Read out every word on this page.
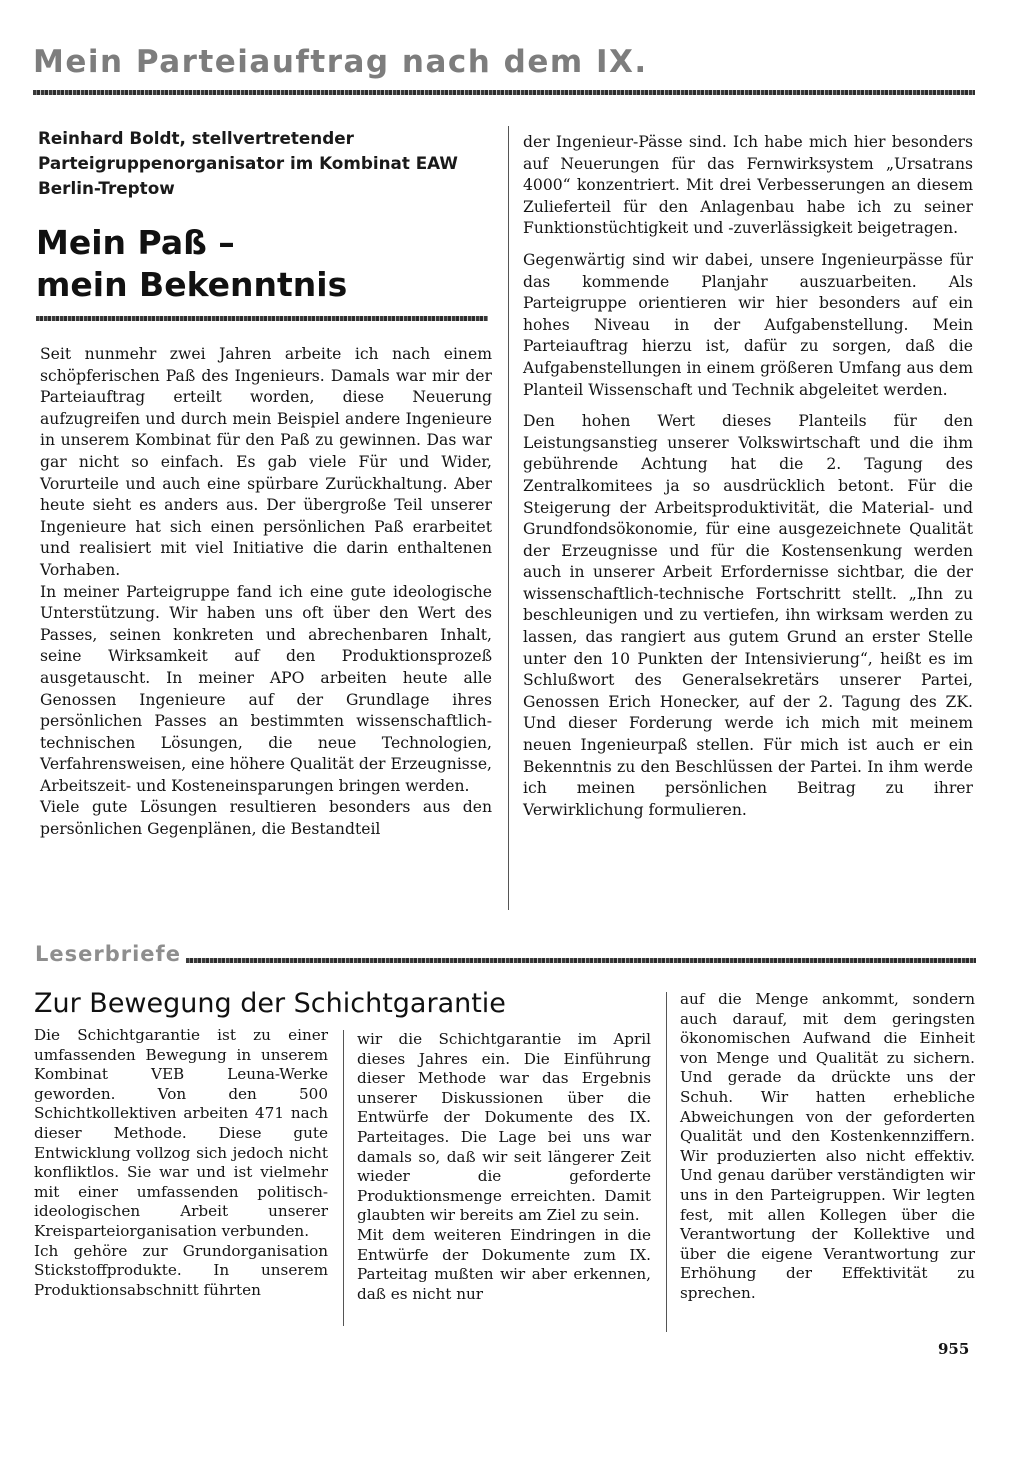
Mein Parteiauftrag nach dem IX.
Reinhard Boldt, stellvertretender Parteigruppenorganisator im Kombinat EAW Berlin-Treptow
Mein Paß –
mein Bekenntnis

Seit nunmehr zwei Jahren arbeite ich nach einem schöpferischen Paß des Ingenieurs. Damals war mir der Parteiauftrag erteilt worden, diese Neuerung aufzugreifen und durch mein Beispiel andere Ingenieure in unserem Kombinat für den Paß zu gewinnen. Das war gar nicht so einfach. Es gab viele Für und Wider, Vorurteile und auch eine spürbare Zurückhaltung. Aber heute sieht es anders aus. Der übergroße Teil unserer Ingenieure hat sich einen persönlichen Paß erarbeitet und realisiert mit viel Initiative die darin enthaltenen Vorhaben.

In meiner Parteigruppe fand ich eine gute ideologische Unterstützung. Wir haben uns oft über den Wert des Passes, seinen konkreten und abrechenbaren Inhalt, seine Wirksamkeit auf den Produktionsprozeß ausgetauscht. In meiner APO arbeiten heute alle Genossen Ingenieure auf der Grundlage ihres persönlichen Passes an bestimmten wissenschaftlich-technischen Lösungen, die neue Technologien, Verfahrensweisen, eine höhere Qualität der Erzeugnisse, Arbeitszeit- und Kosteneinsparungen bringen werden.

Viele gute Lösungen resultieren besonders aus den persönlichen Gegenplänen, die Bestandteil

der Ingenieur-Pässe sind. Ich habe mich hier besonders auf Neuerungen für das Fernwirksystem „Ursatrans 4000“ konzentriert. Mit drei Verbesserungen an diesem Zulieferteil für den Anlagenbau habe ich zu seiner Funktionstüchtigkeit und -zuverlässigkeit beigetragen.

Gegenwärtig sind wir dabei, unsere Ingenieurpässe für das kommende Planjahr auszuarbeiten. Als Parteigruppe orientieren wir hier besonders auf ein hohes Niveau in der Aufgabenstellung. Mein Parteiauftrag hierzu ist, dafür zu sorgen, daß die Aufgabenstellungen in einem größeren Umfang aus dem Planteil Wissenschaft und Technik abgeleitet werden.

Den hohen Wert dieses Planteils für den Leistungsanstieg unserer Volkswirtschaft und die ihm gebührende Achtung hat die 2. Tagung des Zentralkomitees ja so ausdrücklich betont. Für die Steigerung der Arbeitsproduktivität, die Material- und Grundfondsökonomie, für eine ausgezeichnete Qualität der Erzeugnisse und für die Kostensenkung werden auch in unserer Arbeit Erfordernisse sichtbar, die der wissenschaftlich-technische Fortschritt stellt. „Ihn zu beschleunigen und zu vertiefen, ihn wirksam werden zu lassen, das rangiert aus gutem Grund an erster Stelle unter den 10 Punkten der Intensivierung“, heißt es im Schlußwort des Generalsekretärs unserer Partei, Genossen Erich Honecker, auf der 2. Tagung des ZK. Und dieser Forderung werde ich mich mit meinem neuen Ingenieurpaß stellen. Für mich ist auch er ein Bekenntnis zu den Beschlüssen der Partei. In ihm werde ich meinen persönlichen Beitrag zu ihrer Verwirklichung formulieren.

Leserbriefe
Zur Bewegung der Schichtgarantie

Die Schichtgarantie ist zu einer umfassenden Bewegung in unserem Kombinat VEB Leuna-Werke geworden. Von den 500 Schichtkollektiven arbeiten 471 nach dieser Methode. Diese gute Entwicklung vollzog sich jedoch nicht konfliktlos. Sie war und ist vielmehr mit einer umfassenden politisch-ideologischen Arbeit unserer Kreisparteiorganisation verbunden.

Ich gehöre zur Grundorganisation Stickstoffprodukte. In unserem Produktionsabschnitt führten

wir die Schichtgarantie im April dieses Jahres ein. Die Einführung dieser Methode war das Ergebnis unserer Diskussionen über die Entwürfe der Dokumente des IX. Parteitages. Die Lage bei uns war damals so, daß wir seit längerer Zeit wieder die geforderte Produktionsmenge erreichten. Damit glaubten wir bereits am Ziel zu sein.

Mit dem weiteren Eindringen in die Entwürfe der Dokumente zum IX. Parteitag mußten wir aber erkennen, daß es nicht nur

auf die Menge ankommt, sondern auch darauf, mit dem geringsten ökonomischen Aufwand die Einheit von Menge und Qualität zu sichern. Und gerade da drückte uns der Schuh. Wir hatten erhebliche Abweichungen von der geforderten Qualität und den Kostenkennziffern. Wir produzierten also nicht effektiv. Und genau darüber verständigten wir uns in den Parteigruppen. Wir legten fest, mit allen Kollegen über die Verantwortung der Kollektive und über die eigene Verantwortung zur Erhöhung der Effektivität zu sprechen.

955
